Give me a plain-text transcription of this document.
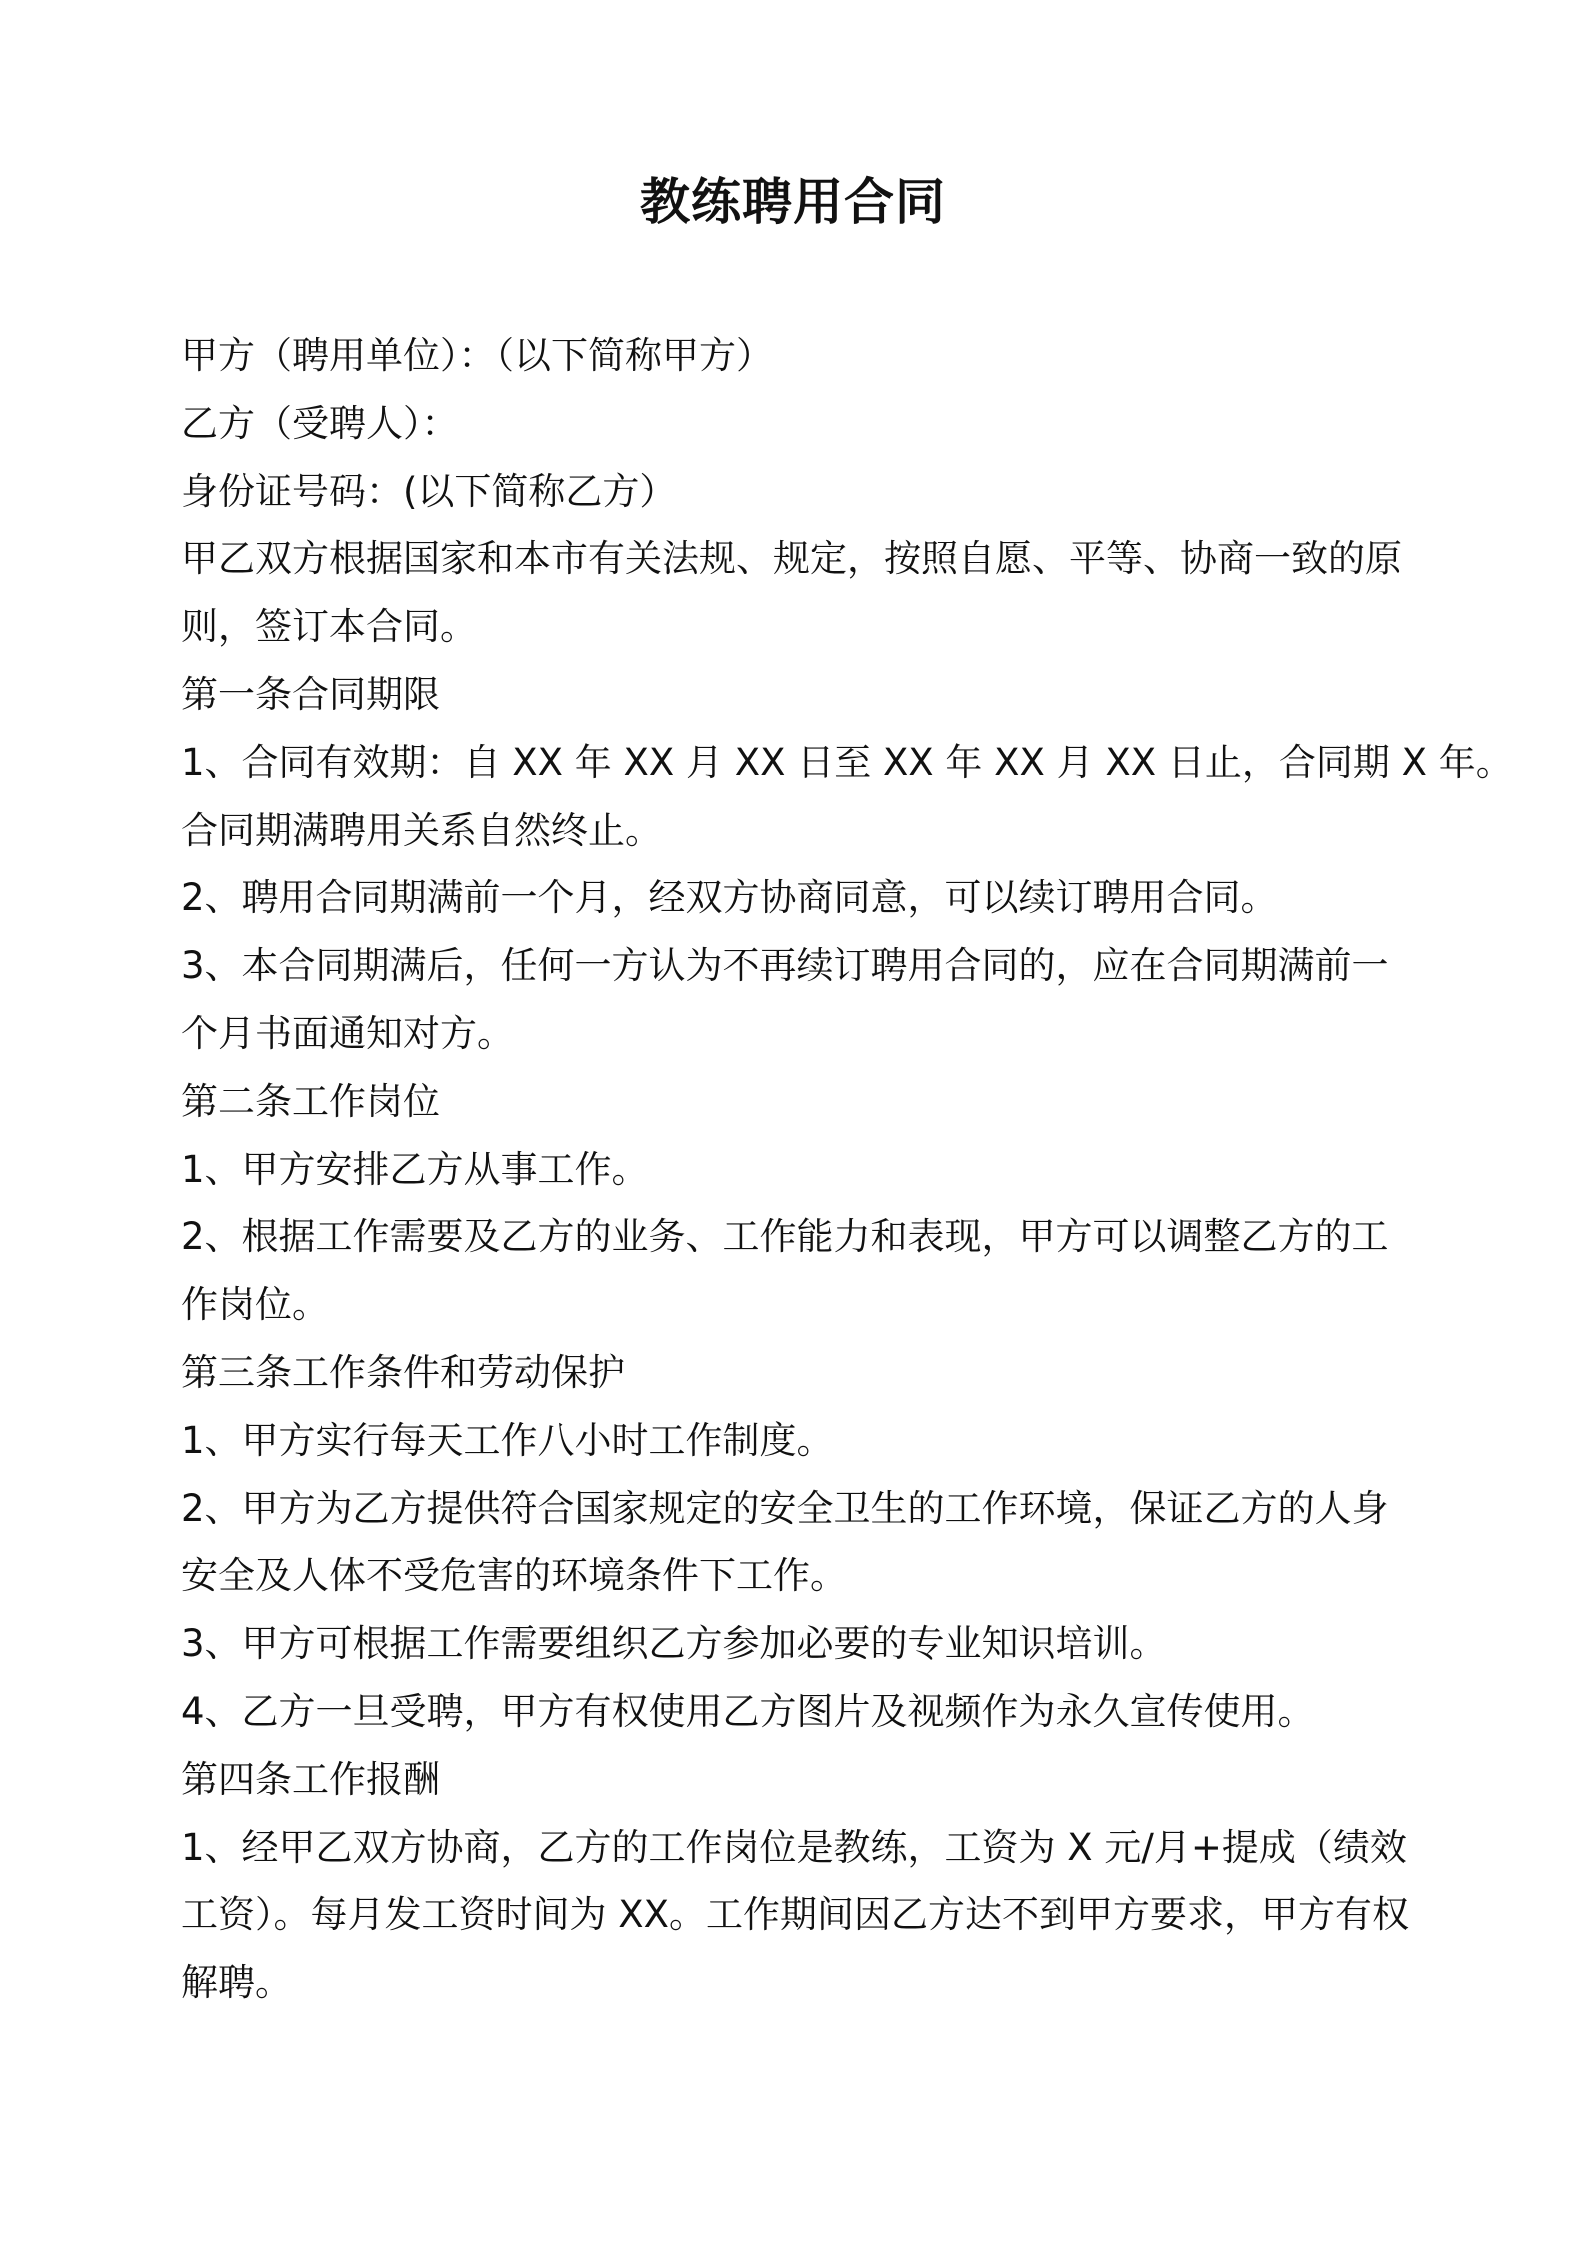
教练聘用合同

甲方（聘用单位）：（以下简称甲方）

乙方（受聘人）：

身份证号码：(以下简称乙方）

甲乙双方根据国家和本市有关法规、规定，按照自愿、平等、协商一致的原

则，签订本合同。

第一条合同期限

1、合同有效期：自 XX 年 XX 月 XX 日至 XX 年 XX 月 XX 日止，合同期 X 年。

合同期满聘用关系自然终止。

2、聘用合同期满前一个月，经双方协商同意，可以续订聘用合同。

3、本合同期满后，任何一方认为不再续订聘用合同的，应在合同期满前一

个月书面通知对方。

第二条工作岗位

1、甲方安排乙方从事工作。

2、根据工作需要及乙方的业务、工作能力和表现，甲方可以调整乙方的工

作岗位。

第三条工作条件和劳动保护

1、甲方实行每天工作八小时工作制度。

2、甲方为乙方提供符合国家规定的安全卫生的工作环境，保证乙方的人身

安全及人体不受危害的环境条件下工作。

3、甲方可根据工作需要组织乙方参加必要的专业知识培训。

4、乙方一旦受聘，甲方有权使用乙方图片及视频作为永久宣传使用。

第四条工作报酬

1、经甲乙双方协商，乙方的工作岗位是教练，工资为 X 元/月+提成（绩效

工资）。每月发工资时间为 XX。工作期间因乙方达不到甲方要求，甲方有权

解聘。
